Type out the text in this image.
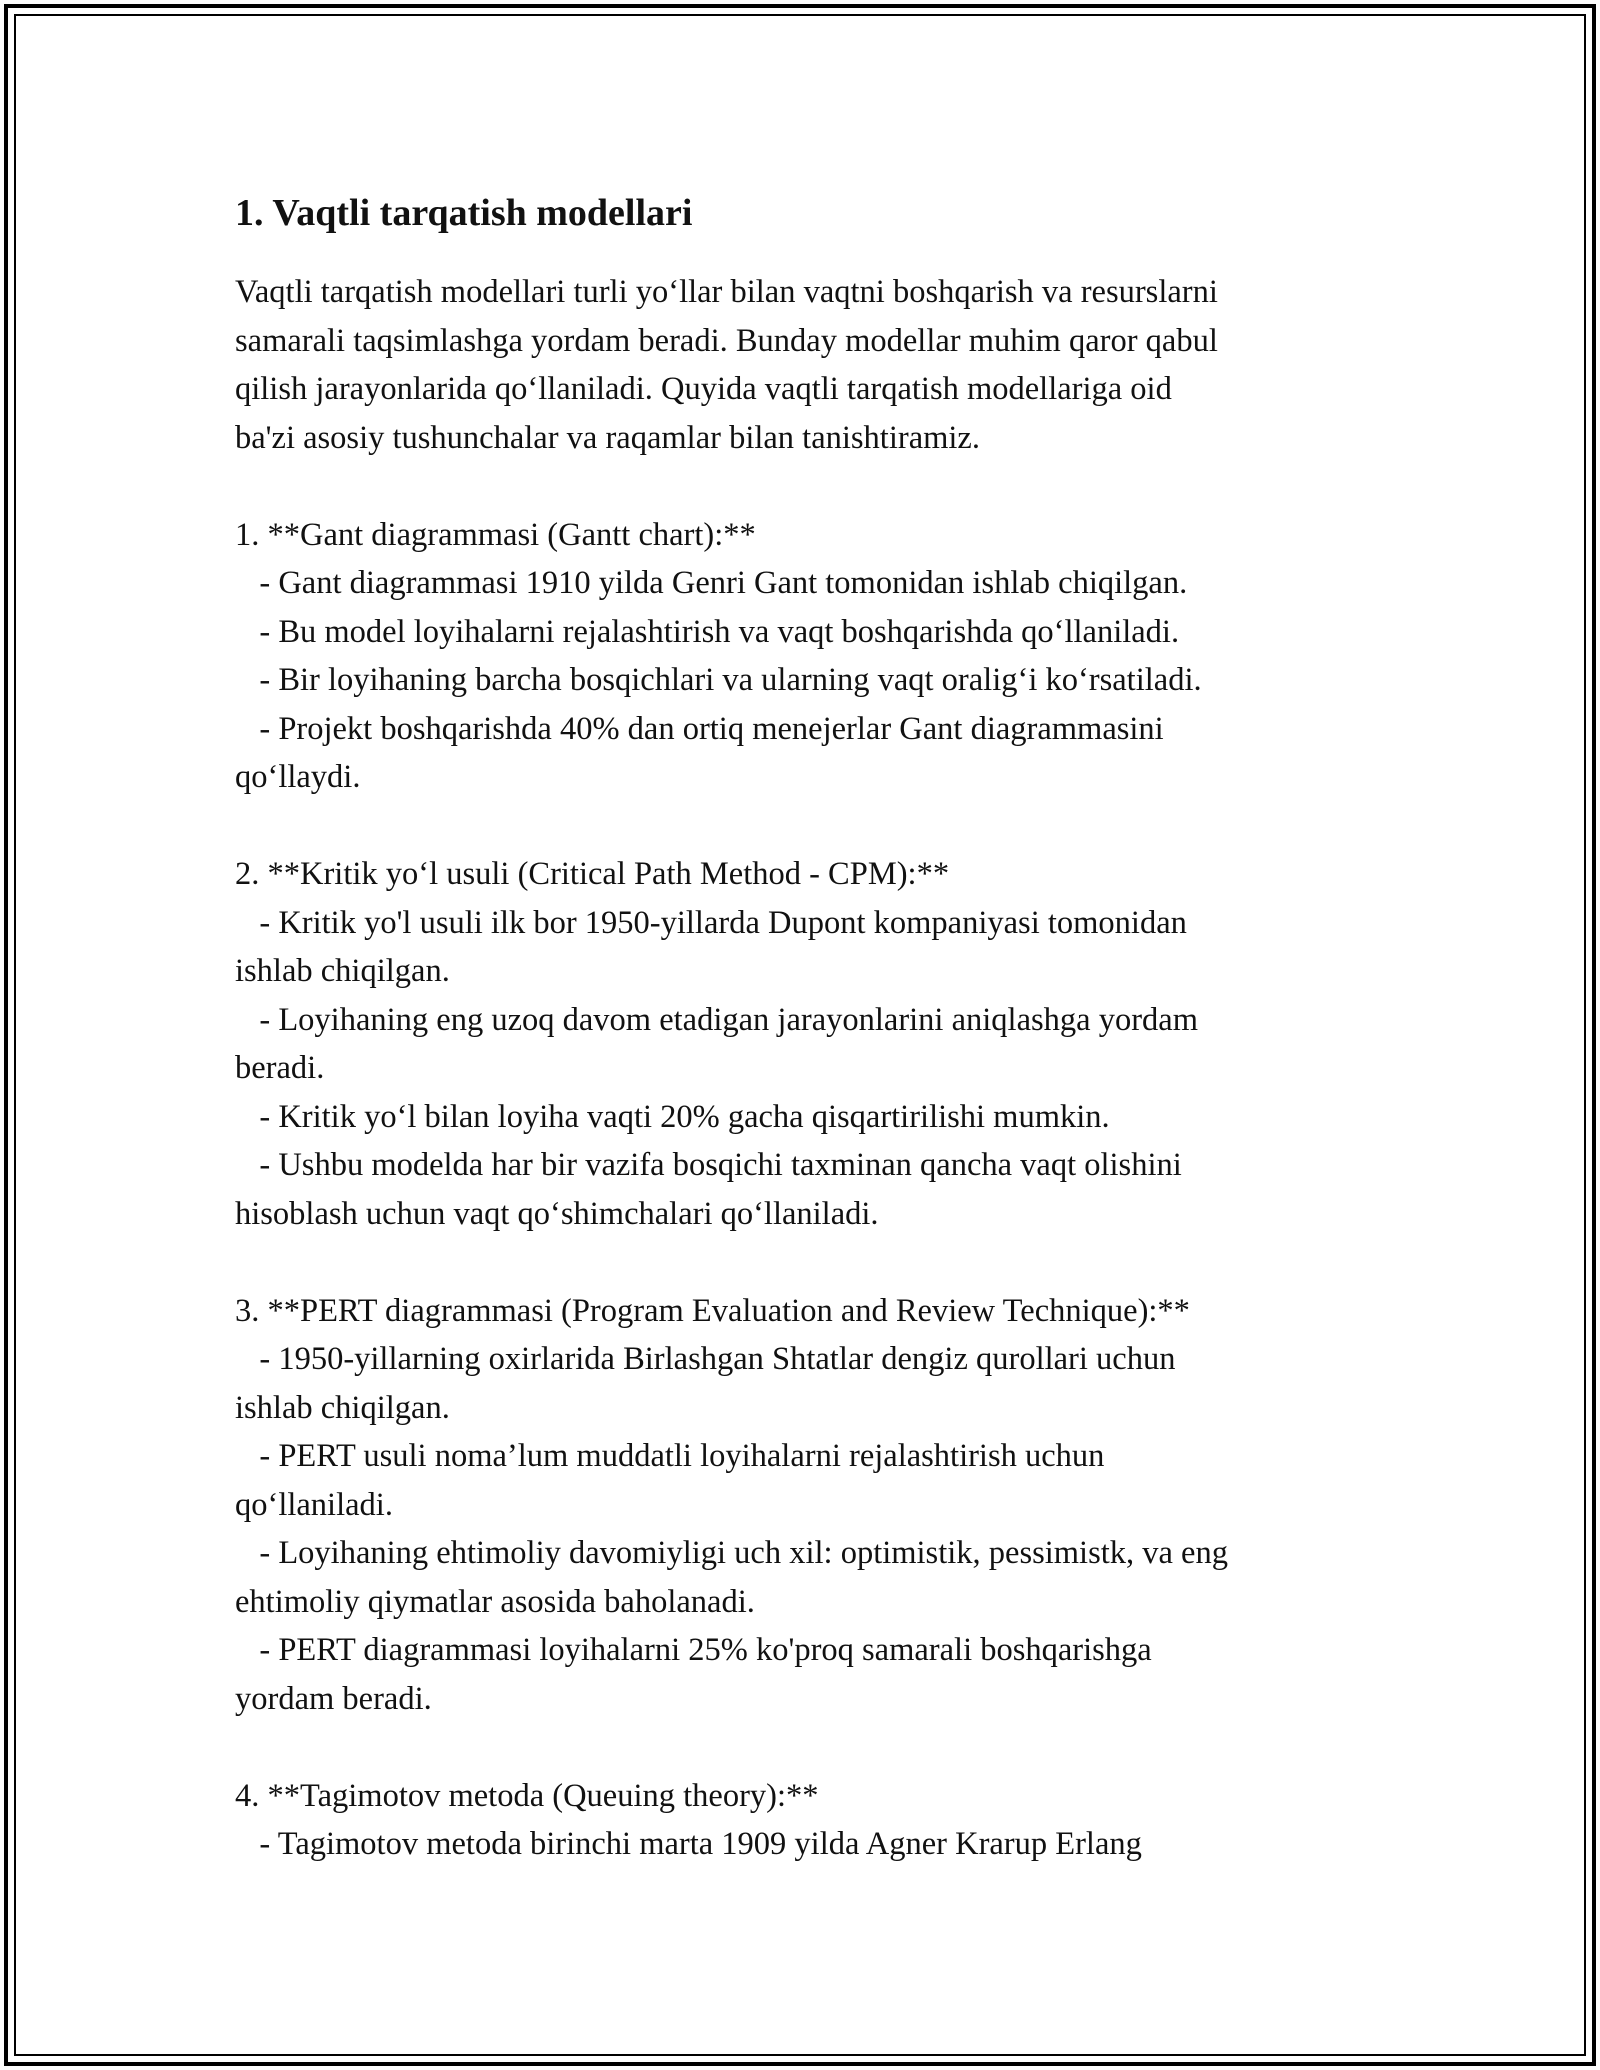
1. Vaqtli tarqatish modellari

Vaqtli tarqatish modellari turli yo‘llar bilan vaqtni boshqarish va resurslarni

samarali taqsimlashga yordam beradi. Bunday modellar muhim qaror qabul

qilish jarayonlarida qo‘llaniladi. Quyida vaqtli tarqatish modellariga oid

ba'zi asosiy tushunchalar va raqamlar bilan tanishtiramiz.

1. **Gant diagrammasi (Gantt chart):**

- Gant diagrammasi 1910 yilda Genri Gant tomonidan ishlab chiqilgan.

- Bu model loyihalarni rejalashtirish va vaqt boshqarishda qo‘llaniladi.

- Bir loyihaning barcha bosqichlari va ularning vaqt oralig‘i ko‘rsatiladi.

- Projekt boshqarishda 40% dan ortiq menejerlar Gant diagrammasini

qo‘llaydi.

2. **Kritik yo‘l usuli (Critical Path Method - CPM):**

- Kritik yo'l usuli ilk bor 1950-yillarda Dupont kompaniyasi tomonidan

ishlab chiqilgan.

- Loyihaning eng uzoq davom etadigan jarayonlarini aniqlashga yordam

beradi.

- Kritik yo‘l bilan loyiha vaqti 20% gacha qisqartirilishi mumkin.

- Ushbu modelda har bir vazifa bosqichi taxminan qancha vaqt olishini

hisoblash uchun vaqt qo‘shimchalari qo‘llaniladi.

3. **PERT diagrammasi (Program Evaluation and Review Technique):**

- 1950-yillarning oxirlarida Birlashgan Shtatlar dengiz qurollari uchun

ishlab chiqilgan.

- PERT usuli noma’lum muddatli loyihalarni rejalashtirish uchun

qo‘llaniladi.

- Loyihaning ehtimoliy davomiyligi uch xil: optimistik, pessimistk, va eng

ehtimoliy qiymatlar asosida baholanadi.

- PERT diagrammasi loyihalarni 25% ko'proq samarali boshqarishga

yordam beradi.

4. **Tagimotov metoda (Queuing theory):**

- Tagimotov metoda birinchi marta 1909 yilda Agner Krarup Erlang
